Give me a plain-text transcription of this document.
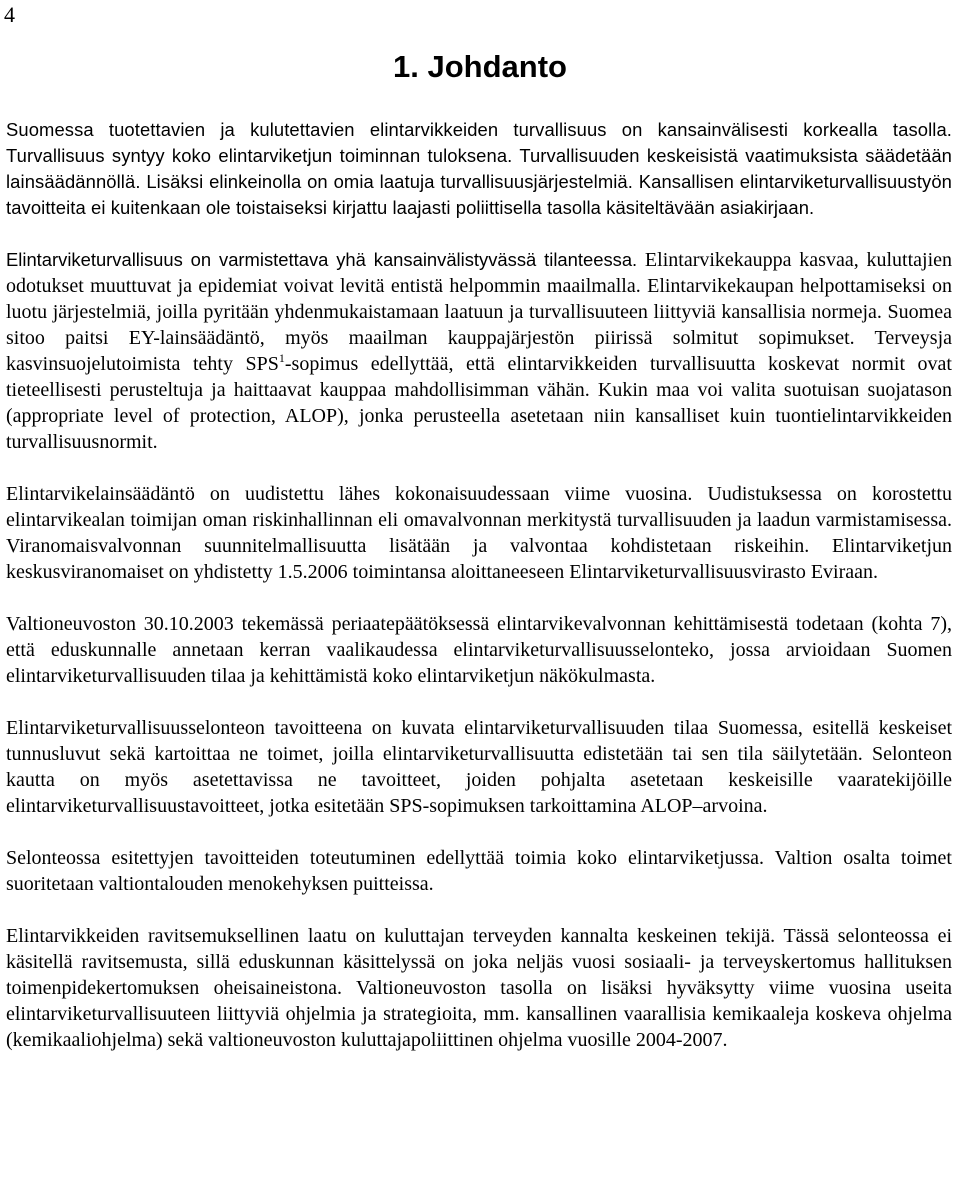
4
1. Johdanto

Suomessa tuotettavien ja kulutettavien elintarvikkeiden turvallisuus on kansainvälisesti korkealla tasolla. Turvallisuus syntyy koko elintarviketjun toiminnan tuloksena. Turvallisuuden keskeisistä vaatimuksista säädetään lainsäädännöllä. Lisäksi elinkeinolla on omia laatuja turvallisuusjärjestelmiä. Kansallisen elintarviketurvallisuustyön tavoitteita ei kuitenkaan ole toistaiseksi kirjattu laajasti poliittisella tasolla käsiteltävään asiakirjaan.

Elintarviketurvallisuus on varmistettava yhä kansainvälistyvässä tilanteessa. Elintarvikekauppa kasvaa, kuluttajien odotukset muuttuvat ja epidemiat voivat levitä entistä helpommin maailmalla. Elintarvikekaupan helpottamiseksi on luotu järjestelmiä, joilla pyritään yhdenmukaistamaan laatuun ja turvallisuuteen liittyviä kansallisia normeja. Suomea sitoo paitsi EY-lainsäädäntö, myös maailman kauppajärjestön piirissä solmitut sopimukset. Terveysja kasvinsuojelutoimista tehty SPS$^1$-sopimus edellyttää, että elintarvikkeiden turvallisuutta koskevat normit ovat tieteellisesti perusteltuja ja haittaavat kauppaa mahdollisimman vähän. Kukin maa voi valita suotuisan suojatason (appropriate level of protection, ALOP), jonka perusteella asetetaan niin kansalliset kuin tuontielintarvikkeiden turvallisuusnormit.

Elintarvikelainsäädäntö on uudistettu lähes kokonaisuudessaan viime vuosina. Uudistuksessa on korostettu elintarvikealan toimijan oman riskinhallinnan eli omavalvonnan merkitystä turvallisuuden ja laadun varmistamisessa. Viranomaisvalvonnan suunnitelmallisuutta lisätään ja valvontaa kohdistetaan riskeihin. Elintarviketjun keskusviranomaiset on yhdistetty 1.5.2006 toimintansa aloittaneeseen Elintarviketurvallisuusvirasto Eviraan.

Valtioneuvoston 30.10.2003 tekemässä periaatepäätöksessä elintarvikevalvonnan kehittämisestä todetaan (kohta 7), että eduskunnalle annetaan kerran vaalikaudessa elintarviketurvallisuusselonteko, jossa arvioidaan Suomen elintarviketurvallisuuden tilaa ja kehittämistä koko elintarviketjun näkökulmasta.

Elintarviketurvallisuusselonteon tavoitteena on kuvata elintarviketurvallisuuden tilaa Suomessa, esitellä keskeiset tunnusluvut sekä kartoittaa ne toimet, joilla elintarviketurvallisuutta edistetään tai sen tila säilytetään. Selonteon kautta on myös asetettavissa ne tavoitteet, joiden pohjalta asetetaan keskeisille vaaratekijöille elintarviketurvallisuustavoitteet, jotka esitetään SPS-sopimuksen tarkoittamina ALOP–arvoina.

Selonteossa esitettyjen tavoitteiden toteutuminen edellyttää toimia koko elintarviketjussa. Valtion osalta toimet suoritetaan valtiontalouden menokehyksen puitteissa.

Elintarvikkeiden ravitsemuksellinen laatu on kuluttajan terveyden kannalta keskeinen tekijä. Tässä selonteossa ei käsitellä ravitsemusta, sillä eduskunnan käsittelyssä on joka neljäs vuosi sosiaali- ja terveyskertomus hallituksen toimenpidekertomuksen oheisaineistona. Valtioneuvoston tasolla on lisäksi hyväksytty viime vuosina useita elintarviketurvallisuuteen liittyviä ohjelmia ja strategioita, mm. kansallinen vaarallisia kemikaaleja koskeva ohjelma (kemikaaliohjelma) sekä valtioneuvoston kuluttajapoliittinen ohjelma vuosille 2004-2007.
